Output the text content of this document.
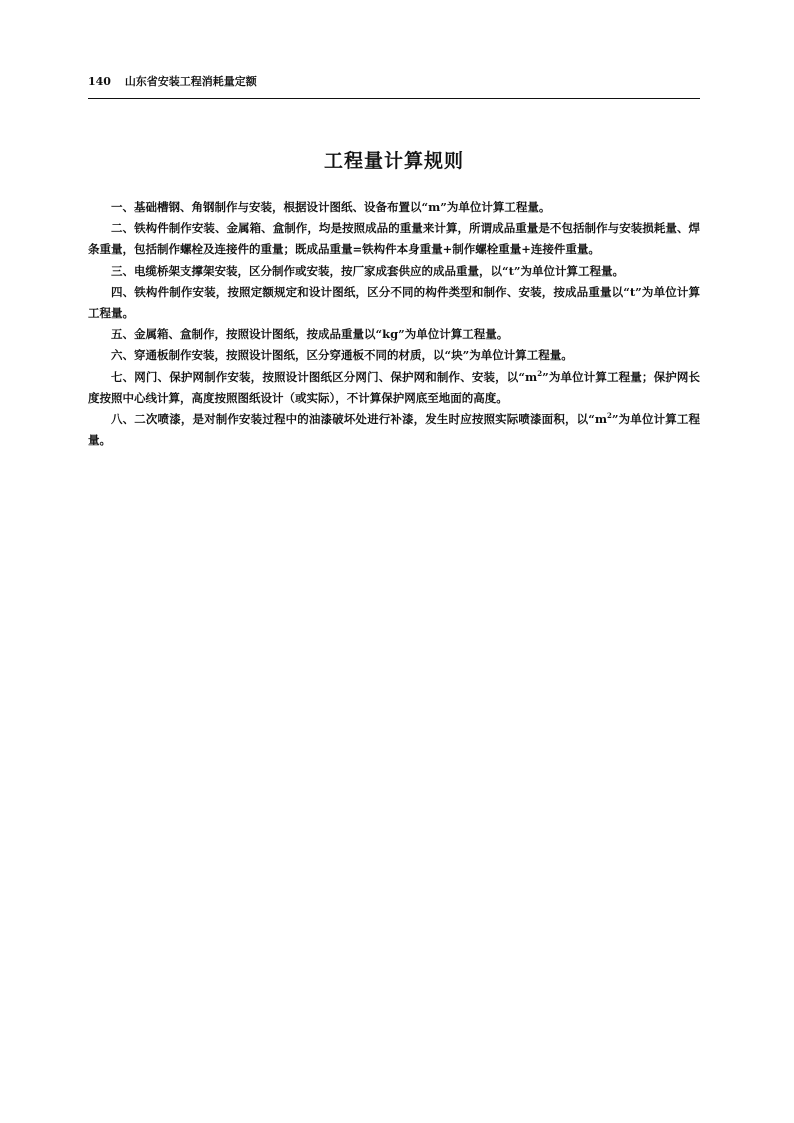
140 山东省安装工程消耗量定额
工程量计算规则

一、基础槽钢、角钢制作与安装，根据设计图纸、设备布置以“m”为单位计算工程量。

二、铁构件制作安装、金属箱、盒制作，均是按照成品的重量来计算，所谓成品重量是不包括制作与安装损耗量、焊条重量，包括制作螺栓及连接件的重量；既成品重量=铁构件本身重量+制作螺栓重量+连接件重量。

三、电缆桥架支撑架安装，区分制作或安装，按厂家成套供应的成品重量，以“t”为单位计算工程量。

四、铁构件制作安装，按照定额规定和设计图纸，区分不同的构件类型和制作、安装，按成品重量以“t”为单位计算工程量。

五、金属箱、盒制作，按照设计图纸，按成品重量以“kg”为单位计算工程量。

六、穿通板制作安装，按照设计图纸，区分穿通板不同的材质，以“块”为单位计算工程量。

七、网门、保护网制作安装，按照设计图纸区分网门、保护网和制作、安装，以“$m^2$”为单位计算工程量；保护网长度按照中心线计算，高度按照图纸设计（或实际），不计算保护网底至地面的高度。

八、二次喷漆，是对制作安装过程中的油漆破坏处进行补漆，发生时应按照实际喷漆面积，以“$m^2$”为单位计算工程量。
